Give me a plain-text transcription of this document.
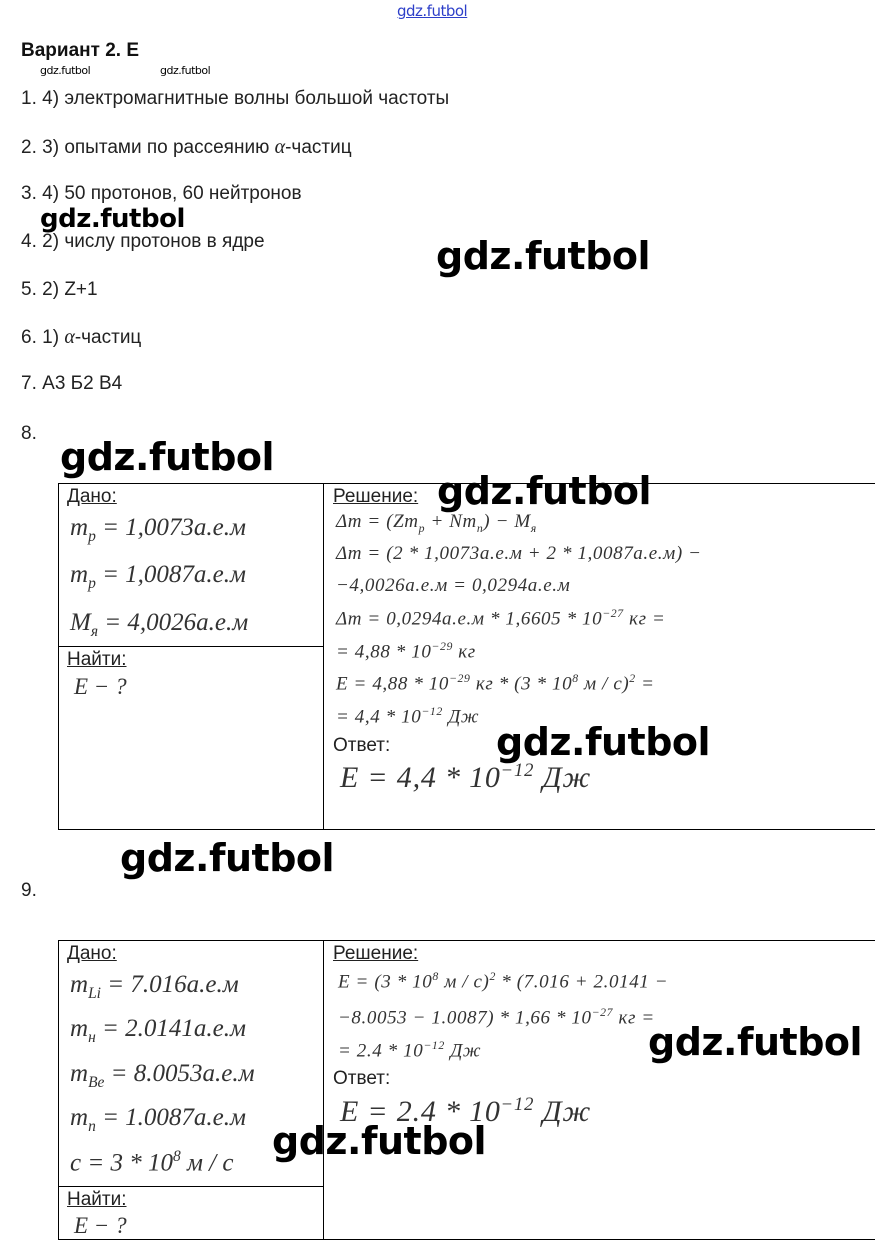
gdz.futbol
Вариант 2. Е
gdz.futbol	gdz.futbol
1. 4) электромагнитные волны большой частоты
2. 3) опытами по рассеянию α-частиц
3. 4) 50 протонов, 60 нейтронов
gdz.futbol
4. 2) числу протонов в ядре	gdz.futbol
5. 2) Z+1
6. 1) α-частиц
7. А3 Б2 В4
8.
gdz.futbol
Дано:
$m_p = 1,0073а.е.м$
$m_p = 1,0087а.е.м$
$M_я = 4,0026а.е.м$
Найти:
E − ?
Решение: gdz.futbol
$\Delta m = (Zm_p + Nm_n) - M_я$
Δm = (2 * 1,0073а.е.м + 2 * 1,0087а.е.м) −
−4,0026а.е.м = 0,0294а.е.м
$\Delta m = 0,0294а.е.м * 1,6605 * 10^{-27}$ кг =
= $4,88 * 10^{-29}$ кг
$E = 4,88 * 10^{-29}$ кг * ($3 * 10^8$ м / с)$^2$ =
= $4,4 * 10^{-12}$ Дж
Ответ:	gdz.futbol
$E = 4,4 * 10^{-12}$ Дж
gdz.futbol
9.
Дано:
$m_{Li} = 7.016а.е.м$
$m_н = 2.0141а.е.м$
$m_{Be} = 8.0053а.е.м$
$m_n = 1.0087а.е.м$
$c = 3 * 10^8$ м / с
Найти:
E − ?
Решение:
$E = (3 * 10^8$ м / с)$^2$ * (7.016 + 2.0141 −
$-8.0053 - 1.0087) * 1,66 * 10^{-27}$ кг =
= $2.4 * 10^{-12}$ Дж	gdz.futbol
Ответ:
$E = 2.4 * 10^{-12}$ Дж
gdz.futbol
